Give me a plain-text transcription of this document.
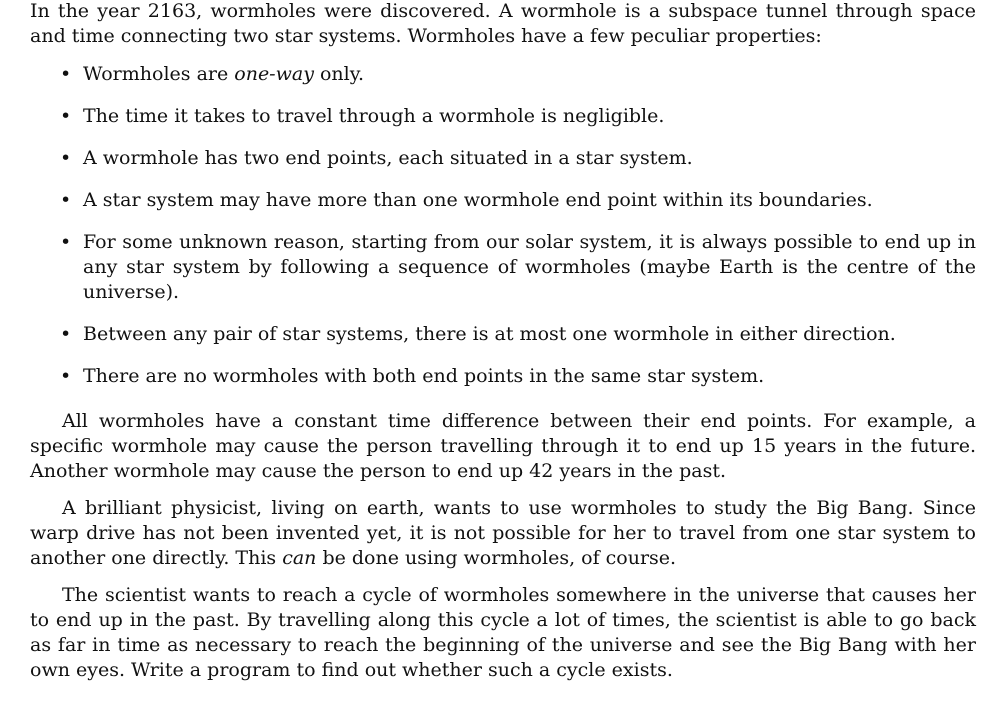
In the year 2163, wormholes were discovered. A wormhole is a subspace tunnel through space and time connecting two star systems. Wormholes have a few peculiar properties:

• Wormholes are one-way only.
• The time it takes to travel through a wormhole is negligible.
• A wormhole has two end points, each situated in a star system.
• A star system may have more than one wormhole end point within its boundaries.
• For some unknown reason, starting from our solar system, it is always possible to end up in any star system by following a sequence of wormholes (maybe Earth is the centre of the universe).
• Between any pair of star systems, there is at most one wormhole in either direction.
• There are no wormholes with both end points in the same star system.

All wormholes have a constant time difference between their end points. For example, a specific wormhole may cause the person travelling through it to end up 15 years in the future. Another wormhole may cause the person to end up 42 years in the past.

A brilliant physicist, living on earth, wants to use wormholes to study the Big Bang. Since warp drive has not been invented yet, it is not possible for her to travel from one star system to another one directly. This can be done using wormholes, of course.

The scientist wants to reach a cycle of wormholes somewhere in the universe that causes her to end up in the past. By travelling along this cycle a lot of times, the scientist is able to go back as far in time as necessary to reach the beginning of the universe and see the Big Bang with her own eyes. Write a program to find out whether such a cycle exists.
